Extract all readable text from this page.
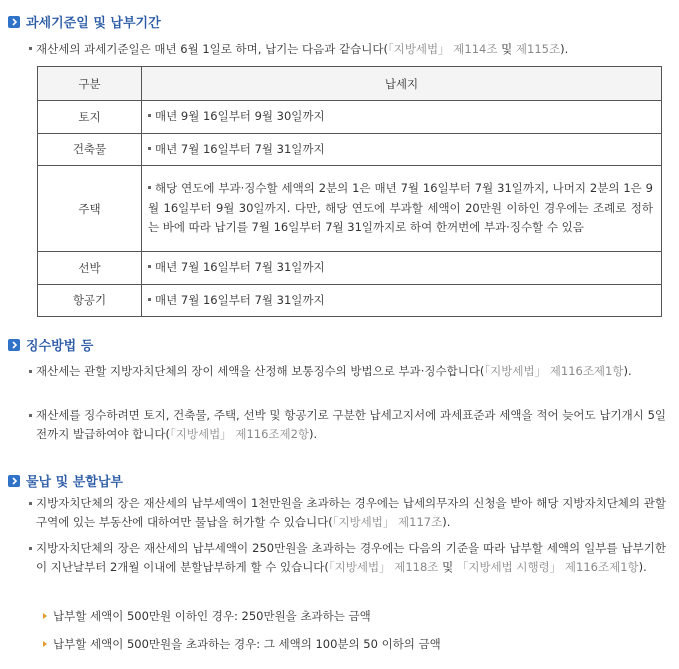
과세기준일 및 납부기간
재산세의 과세기준일은 매년 6월 1일로 하며, 납기는 다음과 같습니다(「지방세법」 제114조 및 제115조).
구분	납세지
토지	매년 9월 16일부터 9월 30일까지
건축물	매년 7월 16일부터 7월 31일까지
주택	해당 연도에 부과·징수할 세액의 2분의 1은 매년 7월 16일부터 7월 31일까지, 나머지 2분의 1은 9월 16일부터 9월 30일까지. 다만, 해당 연도에 부과할 세액이 20만원 이하인 경우에는 조례로 정하는 바에 따라 납기를 7월 16일부터 7월 31일까지로 하여 한꺼번에 부과·징수할 수 있음
선박	매년 7월 16일부터 7월 31일까지
항공기	매년 7월 16일부터 7월 31일까지
징수방법 등
재산세는 관할 지방자치단체의 장이 세액을 산정해 보통징수의 방법으로 부과·징수합니다(「지방세법」 제116조제1항).
재산세를 징수하려면 토지, 건축물, 주택, 선박 및 항공기로 구분한 납세고지서에 과세표준과 세액을 적어 늦어도 납기개시 5일 전까지 발급하여야 합니다(「지방세법」 제116조제2항).
물납 및 분할납부
지방자치단체의 장은 재산세의 납부세액이 1천만원을 초과하는 경우에는 납세의무자의 신청을 받아 해당 지방자치단체의 관할구역에 있는 부동산에 대하여만 물납을 허가할 수 있습니다(「지방세법」 제117조).
지방자치단체의 장은 재산세의 납부세액이 250만원을 초과하는 경우에는 다음의 기준을 따라 납부할 세액의 일부를 납부기한이 지난날부터 2개월 이내에 분할납부하게 할 수 있습니다(「지방세법」 제118조 및 「지방세법 시행령」 제116조제1항).
납부할 세액이 500만원 이하인 경우: 250만원을 초과하는 금액
납부할 세액이 500만원을 초과하는 경우: 그 세액의 100분의 50 이하의 금액
